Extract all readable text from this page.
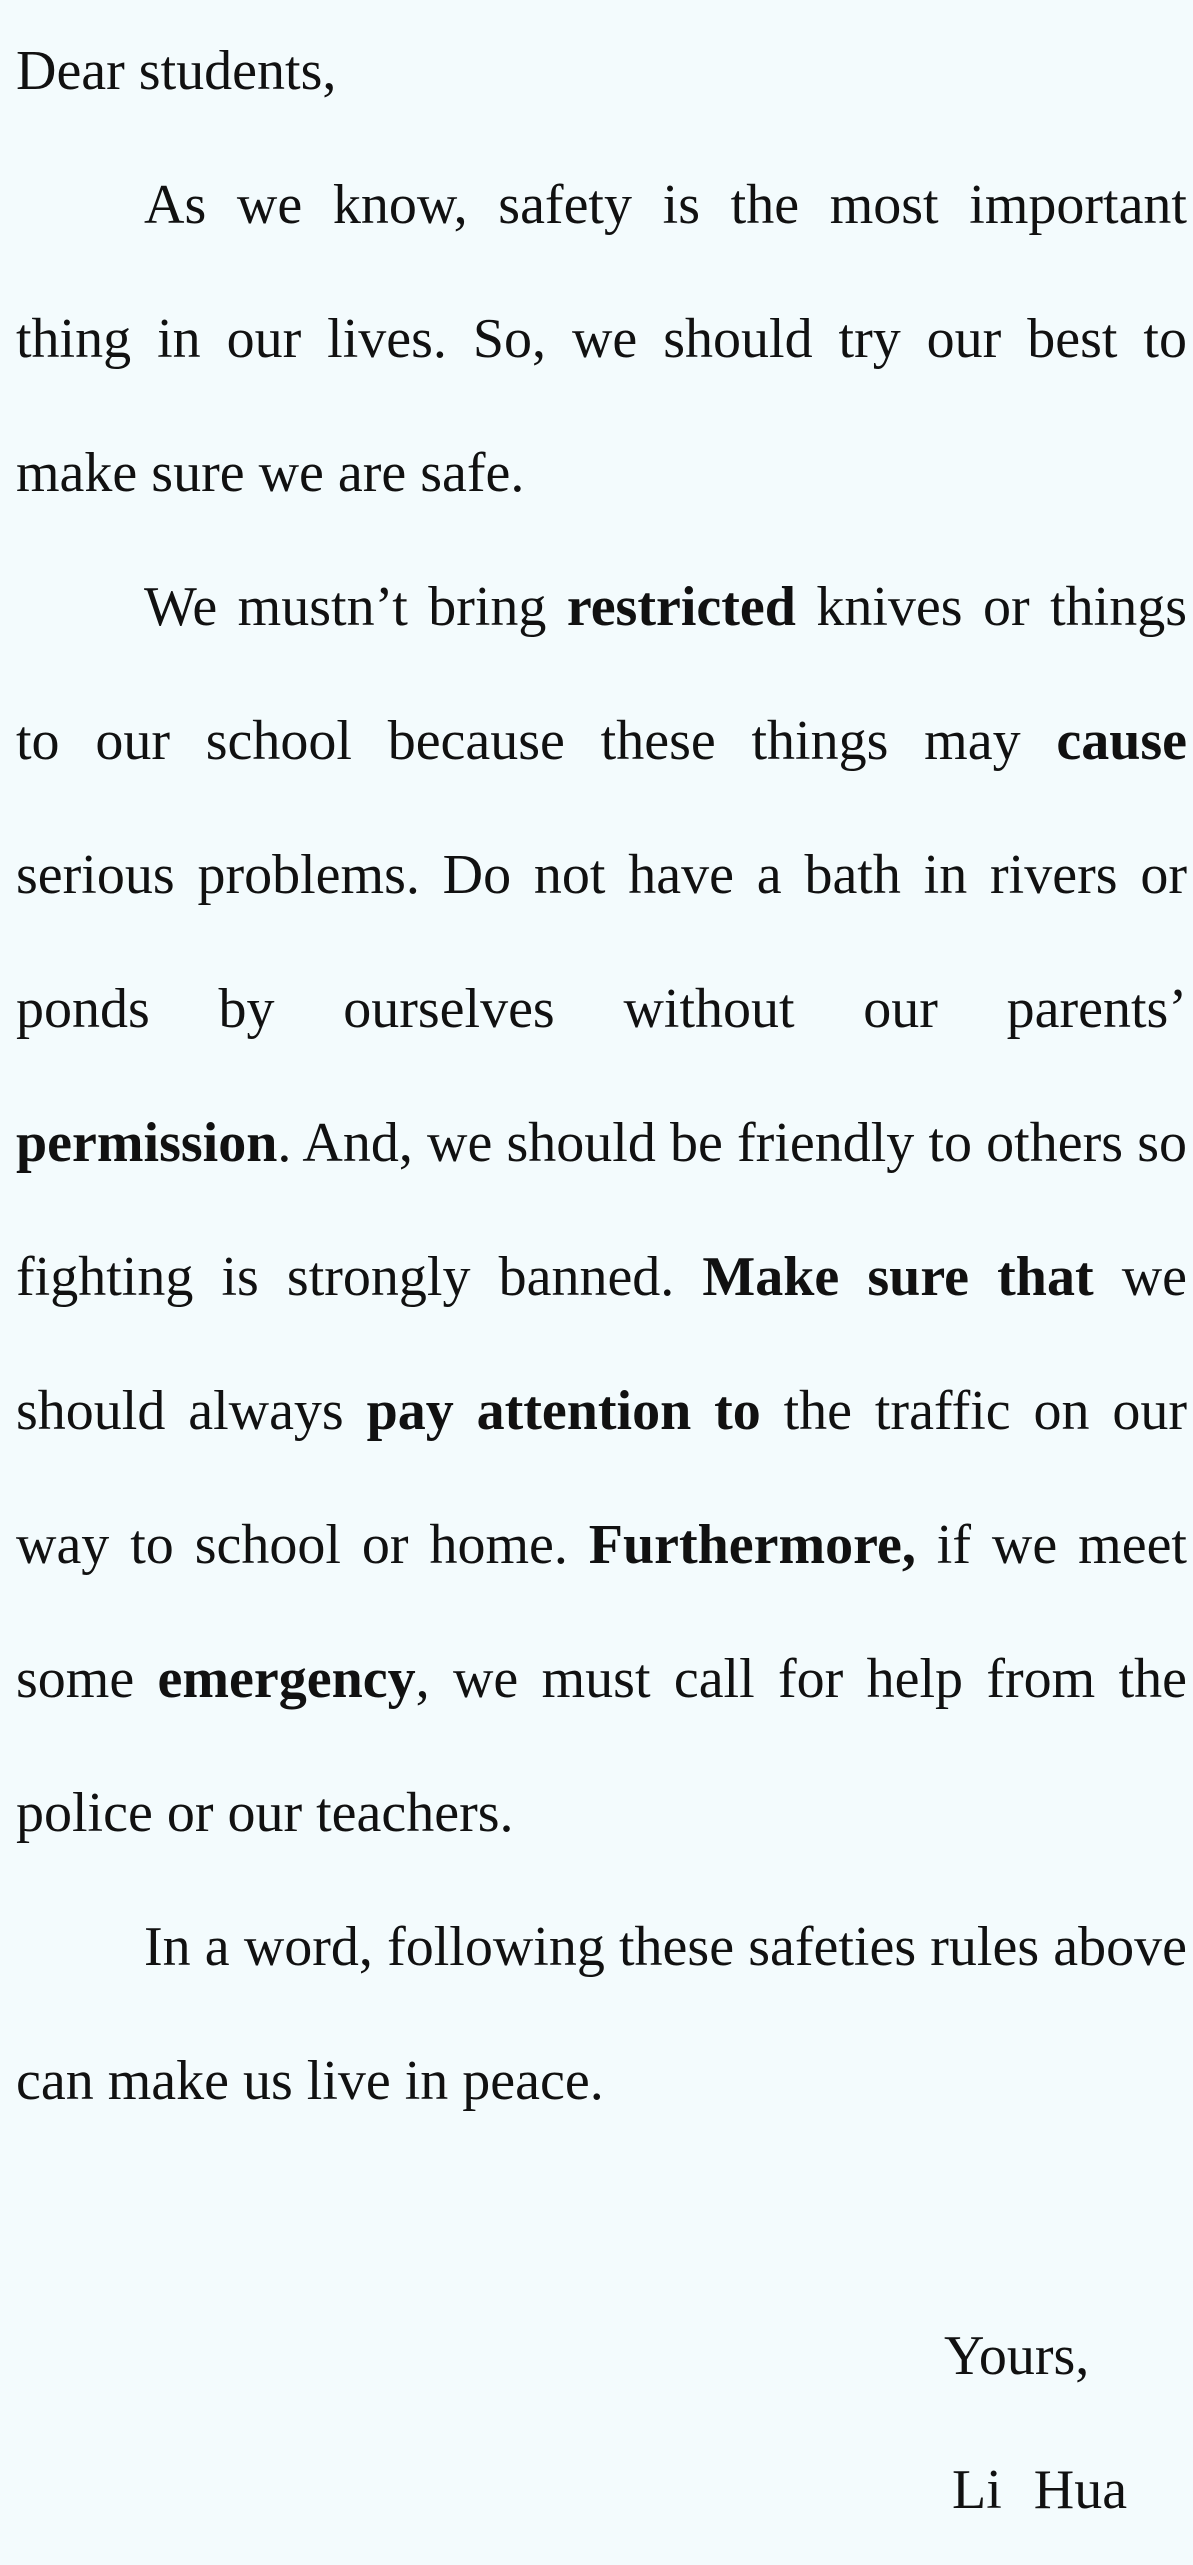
Dear students,

As we know, safety is the most important thing in our lives. So, we should try our best to make sure we are safe.

We mustn’t bring restricted knives or things to our school because these things may cause serious problems. Do not have a bath in rivers or ponds by ourselves without our parents’ permission. And, we should be friendly to others so fighting is strongly banned. Make sure that we should always pay attention to the traffic on our way to school or home. Furthermore, if we meet some emergency, we must call for help from the police or our teachers.

In a word, following these safeties rules above can make us live in peace.

Yours,
Li Hua
